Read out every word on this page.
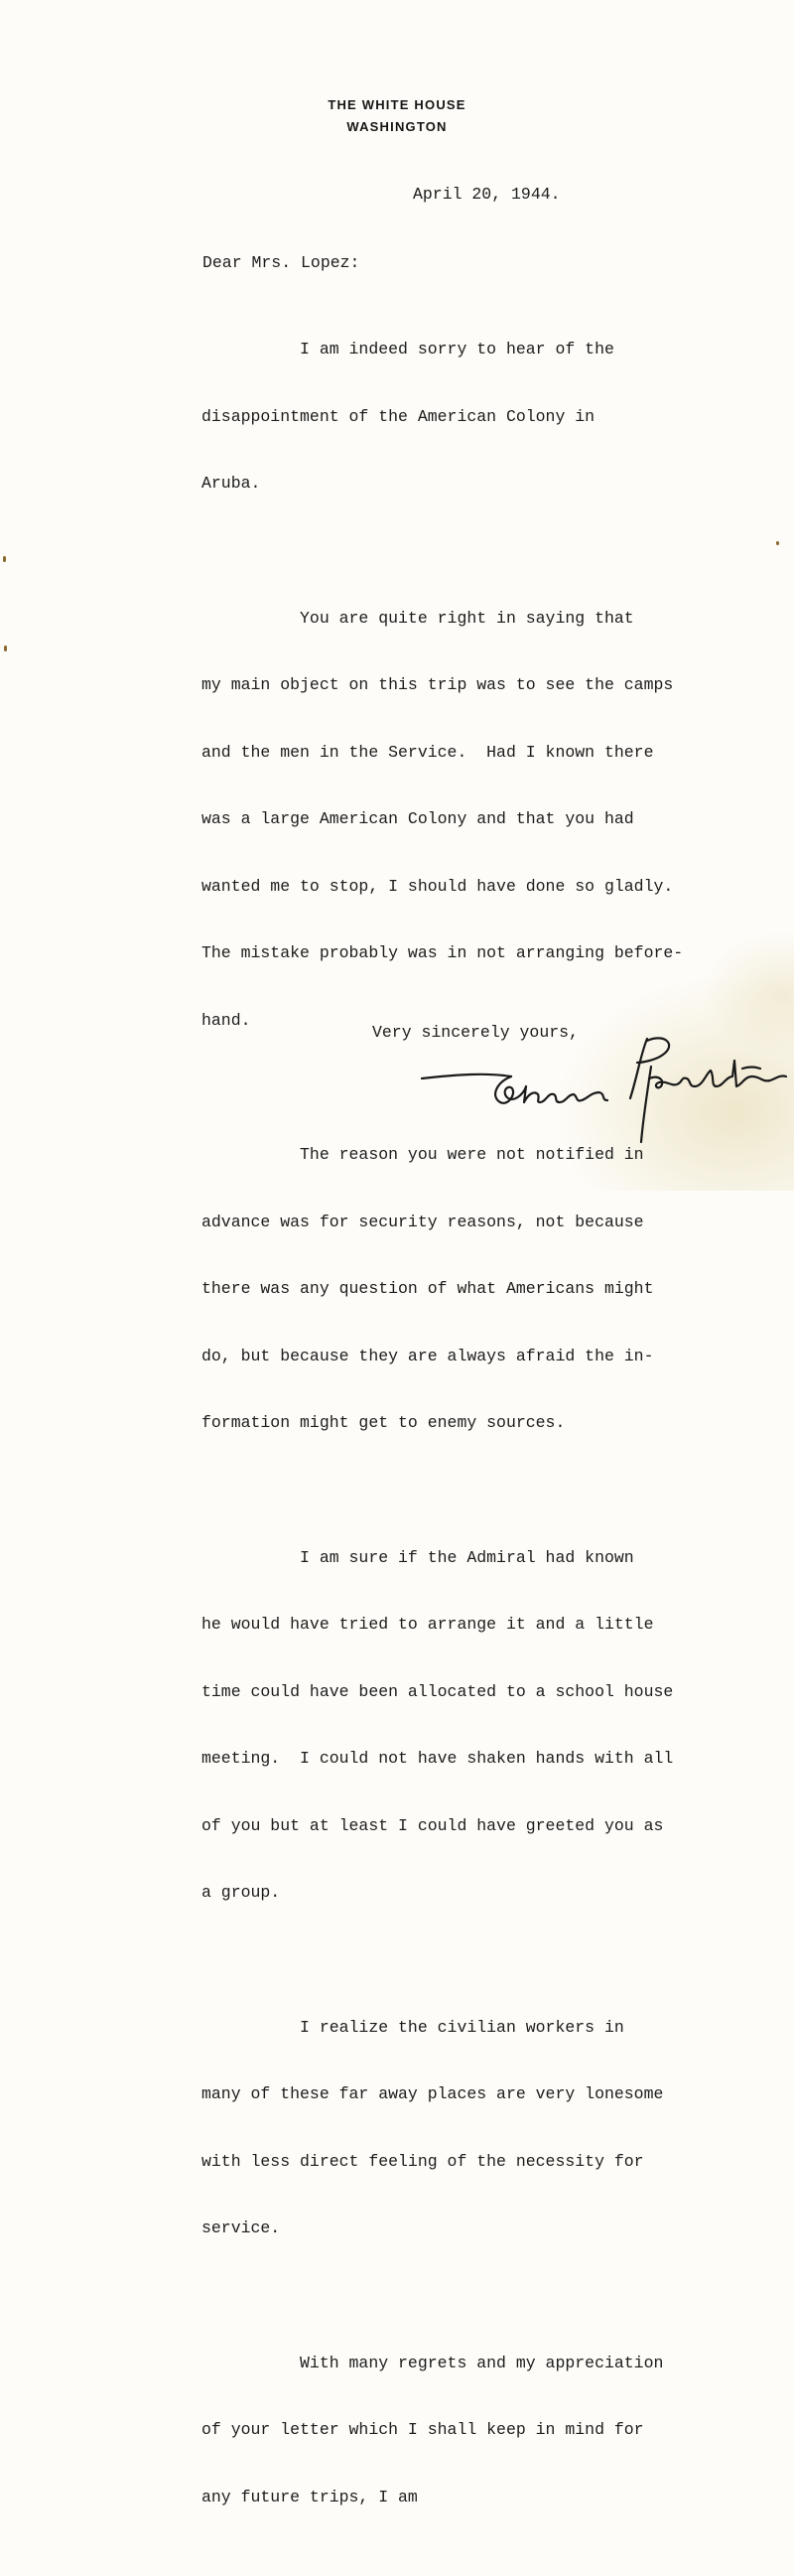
THE WHITE HOUSE
WASHINGTON
April 20, 1944.
Dear Mrs. Lopez:

I am indeed sorry to hear of the

disappointment of the American Colony in

Aruba.

You are quite right in saying that

my main object on this trip was to see the camps

and the men in the Service.  Had I known there

was a large American Colony and that you had

wanted me to stop, I should have done so gladly.

The mistake probably was in not arranging before-

hand.

The reason you were not notified in

advance was for security reasons, not because

there was any question of what Americans might

do, but because they are always afraid the in-

formation might get to enemy sources.

I am sure if the Admiral had known

he would have tried to arrange it and a little

time could have been allocated to a school house

meeting.  I could not have shaken hands with all

of you but at least I could have greeted you as

a group.

I realize the civilian workers in

many of these far away places are very lonesome

with less direct feeling of the necessity for

service.

With many regrets and my appreciation

of your letter which I shall keep in mind for

any future trips, I am

Very sincerely yours,
